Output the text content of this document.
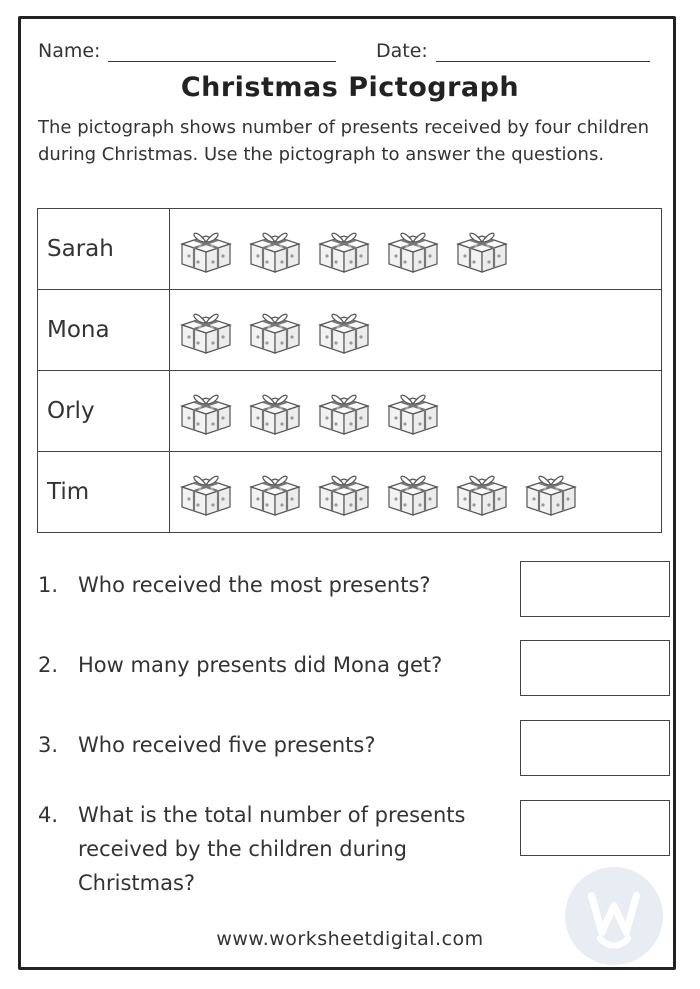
Name:	Date:
Christmas Pictograph
The pictograph shows number of presents received by four children during Christmas. Use the pictograph to answer the questions.
Sarah	
Mona	
Orly	
Tim	
1. Who received the most presents?
2. How many presents did Mona get?
3. Who received five presents?
4. What is the total number of presents received by the children during Christmas?
www.worksheetdigital.com
